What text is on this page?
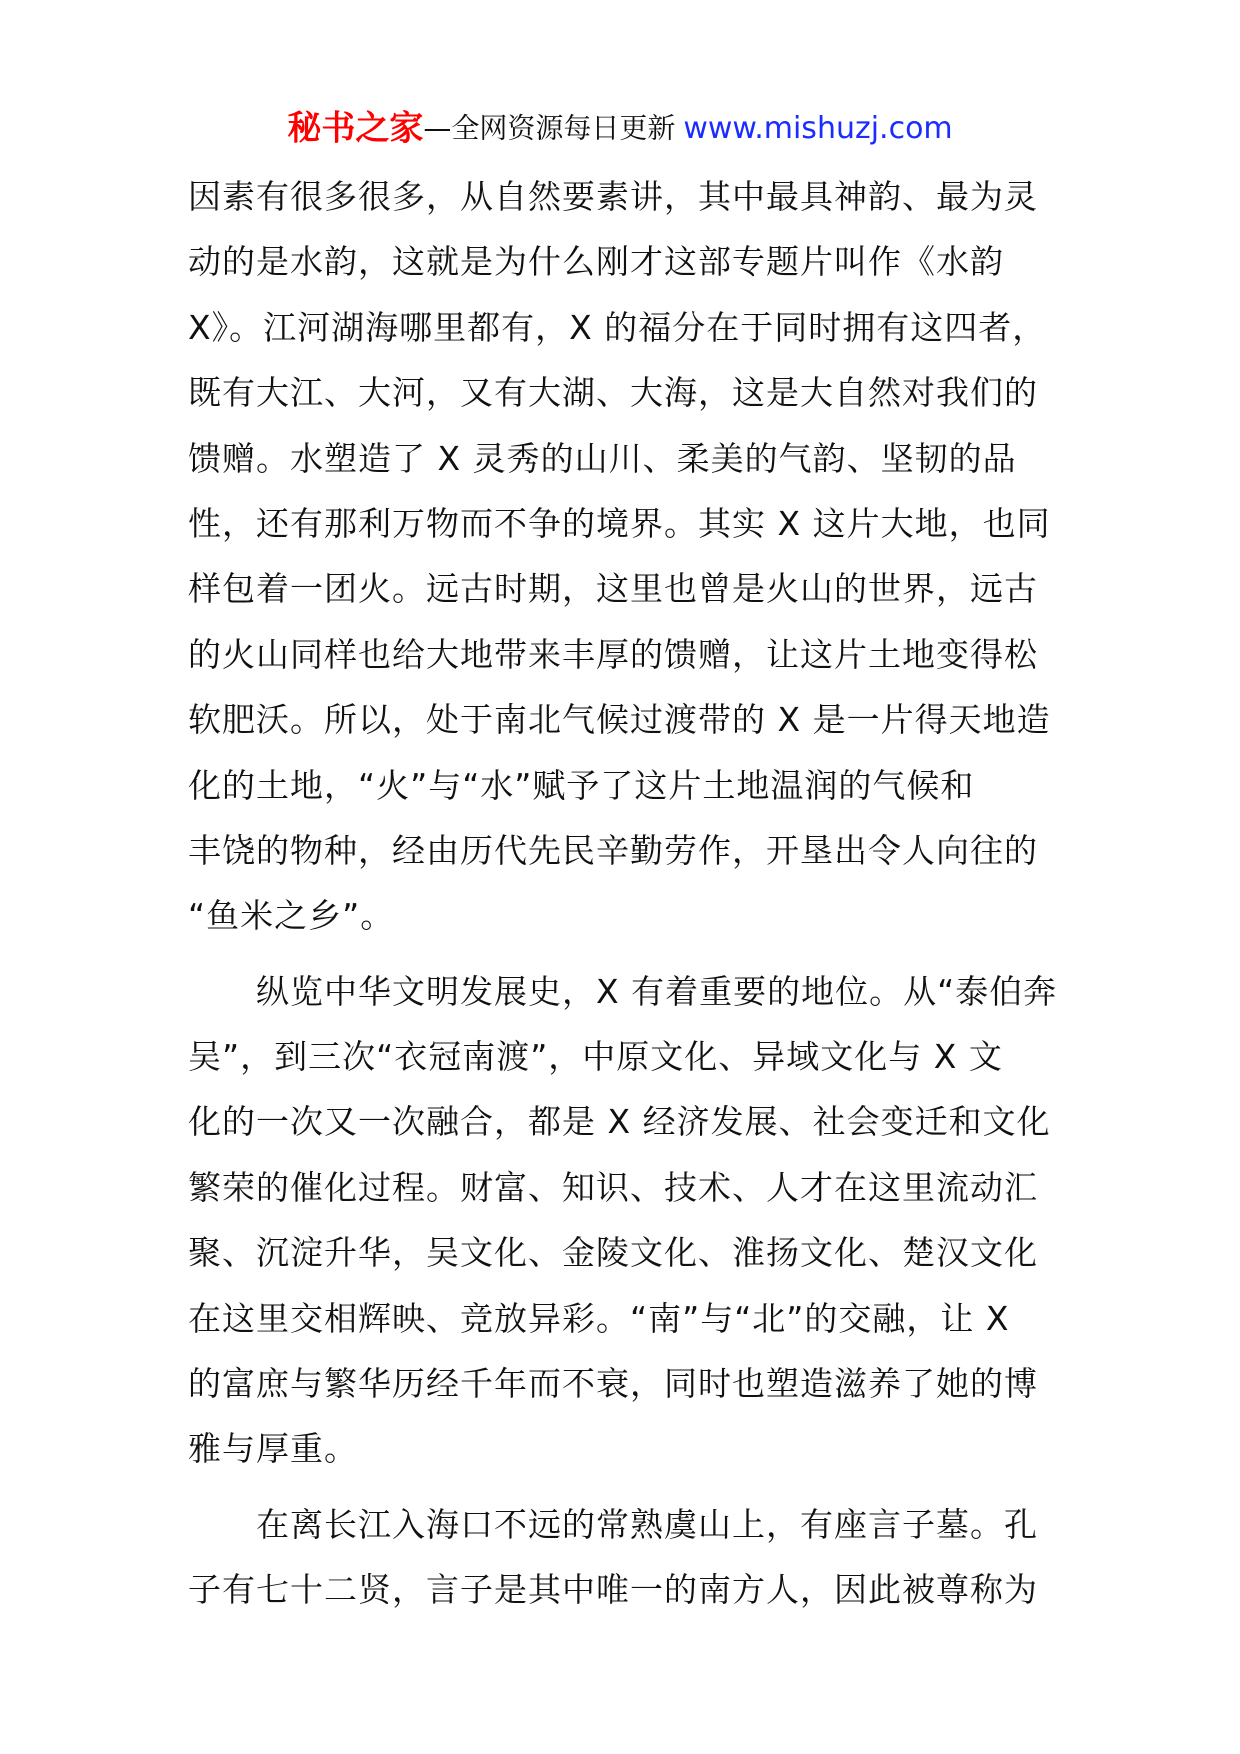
秘书之家—全网资源每日更新 www.mishuzj.com
因素有很多很多，从自然要素讲，其中最具神韵、最为灵
动的是水韵，这就是为什么刚才这部专题片叫作《水韵
X》。江河湖海哪里都有，X 的福分在于同时拥有这四者，
既有大江、大河，又有大湖、大海，这是大自然对我们的
馈赠。水塑造了 X 灵秀的山川、柔美的气韵、坚韧的品
性，还有那利万物而不争的境界。其实 X 这片大地，也同
样包着一团火。远古时期，这里也曾是火山的世界，远古
的火山同样也给大地带来丰厚的馈赠，让这片土地变得松
软肥沃。所以，处于南北气候过渡带的 X 是一片得天地造
化的土地，“火”与“水”赋予了这片土地温润的气候和
丰饶的物种，经由历代先民辛勤劳作，开垦出令人向往的
“鱼米之乡”。
　　纵览中华文明发展史，X 有着重要的地位。从“泰伯奔
吴”，到三次“衣冠南渡”，中原文化、异域文化与 X 文
化的一次又一次融合，都是 X 经济发展、社会变迁和文化
繁荣的催化过程。财富、知识、技术、人才在这里流动汇
聚、沉淀升华，吴文化、金陵文化、淮扬文化、楚汉文化
在这里交相辉映、竞放异彩。“南”与“北”的交融，让 X
的富庶与繁华历经千年而不衰，同时也塑造滋养了她的博
雅与厚重。
　　在离长江入海口不远的常熟虞山上，有座言子墓。孔
子有七十二贤，言子是其中唯一的南方人，因此被尊称为
